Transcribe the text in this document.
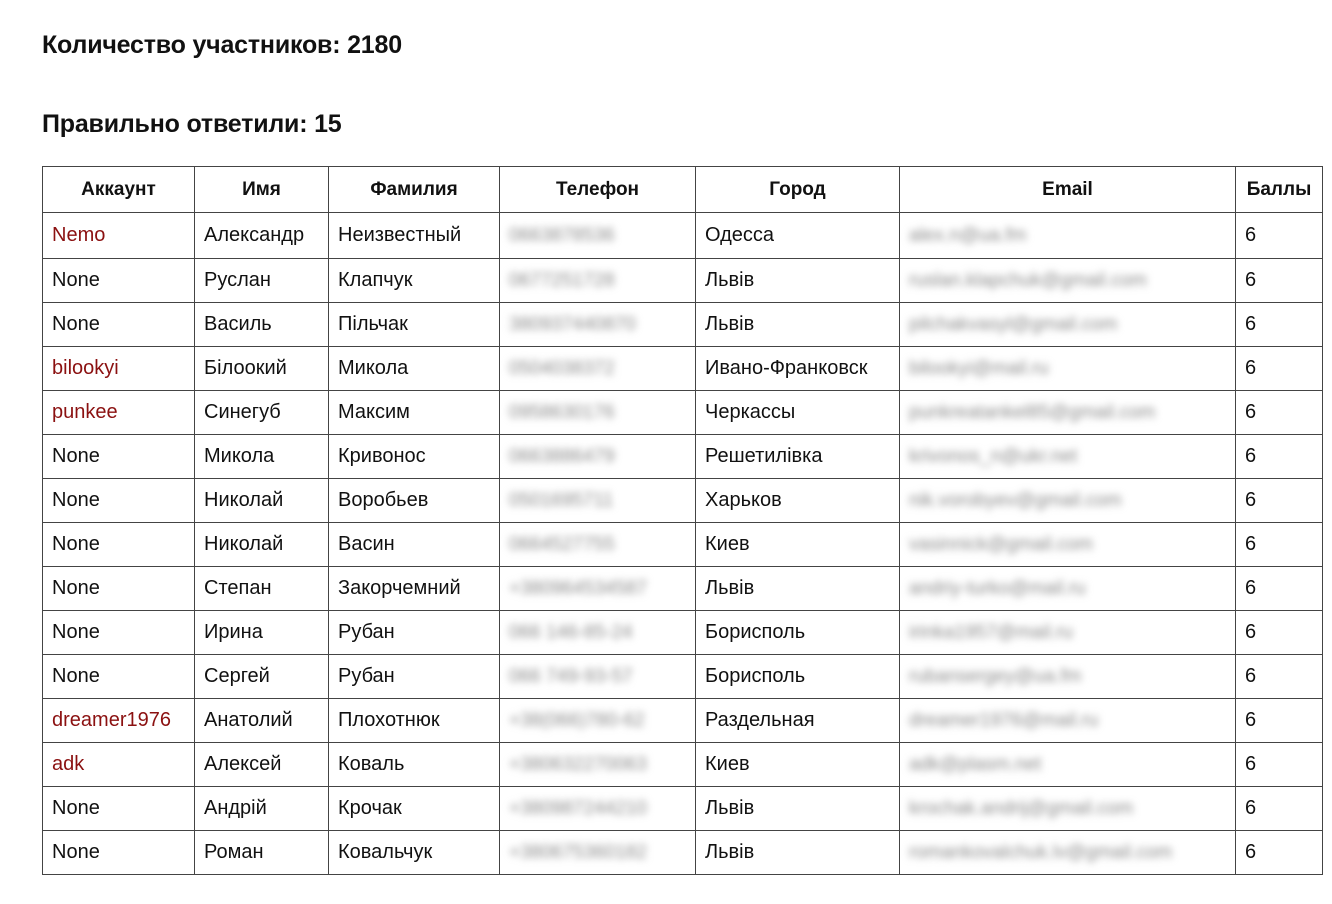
Количество участников: 2180
Правильно ответили: 15
Аккаунт	Имя	Фамилия	Телефон	Город	Email	Баллы
Nemo	Александр	Неизвестный	0663878536	Одесса	alex.n@ua.fm	6
None	Руслан	Клапчук	0677251728	Львів	ruslan.klapchuk@gmail.com	6
None	Василь	Пільчак	380937440870	Львів	pilchakvasyl@gmail.com	6
bilookyi	Білоокий	Микола	0504038372	Ивано-Франковск	bilookyi@mail.ru	6
punkee	Синегуб	Максим	0958630176	Черкассы	punkreatankel85@gmail.com	6
None	Микола	Кривонос	0663886479	Решетилівка	krivonos_n@ukr.net	6
None	Николай	Воробьев	0501695711	Харьков	nik.vorobyev@gmail.com	6
None	Николай	Васин	0664527755	Киев	vasinnick@gmail.com	6
None	Степан	Закорчемний	+380964534587	Львів	andriy-turko@mail.ru	6
None	Ирина	Рубан	066 146-85-24	Борисполь	irinka1957@mail.ru	6
None	Сергей	Рубан	066 749-93-57	Борисполь	rubansergey@ua.fm	6
dreamer1976	Анатолий	Плохотнюк	+38(066)780-62	Раздельная	dreamer1976@mail.ru	6
adk	Алексей	Коваль	+380632270063	Киев	adk@plasm.net	6
None	Андрій	Крочак	+380987244210	Львів	krochak.andrij@gmail.com	6
None	Роман	Ковальчук	+380675360182	Львів	romankovalchuk.lv@gmail.com	6
